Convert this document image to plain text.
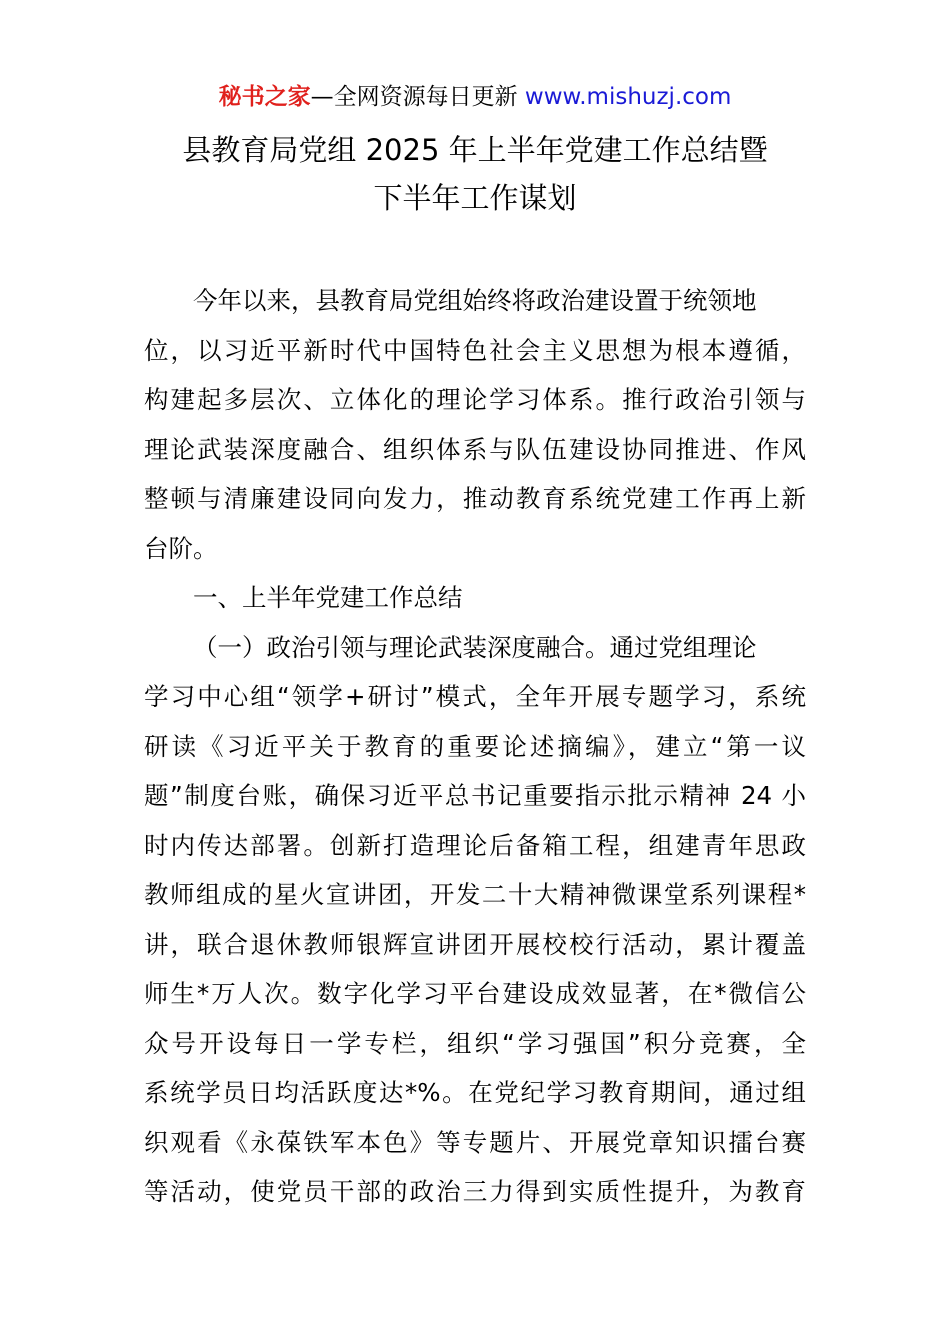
秘书之家—全网资源每日更新 www.mishuzj.com
县教育局党组 2025 年上半年党建工作总结暨
下半年工作谋划
今年以来，县教育局党组始终将政治建设置于统领地
位，以习近平新时代中国特色社会主义思想为根本遵循，
构建起多层次、立体化的理论学习体系。推行政治引领与
理论武装深度融合、组织体系与队伍建设协同推进、作风
整顿与清廉建设同向发力，推动教育系统党建工作再上新
台阶。
一、上半年党建工作总结
（一）政治引领与理论武装深度融合。通过党组理论
学习中心组“领学+研讨”模式，全年开展专题学习，系统
研读《习近平关于教育的重要论述摘编》，建立“第一议
题”制度台账，确保习近平总书记重要指示批示精神 24 小
时内传达部署。创新打造理论后备箱工程，组建青年思政
教师组成的星火宣讲团，开发二十大精神微课堂系列课程*
讲，联合退休教师银辉宣讲团开展校校行活动，累计覆盖
师生*万人次。数字化学习平台建设成效显著，在*微信公
众号开设每日一学专栏，组织“学习强国”积分竞赛，全
系统学员日均活跃度达*%。在党纪学习教育期间，通过组
织观看《永葆铁军本色》等专题片、开展党章知识擂台赛
等活动，使党员干部的政治三力得到实质性提升，为教育
